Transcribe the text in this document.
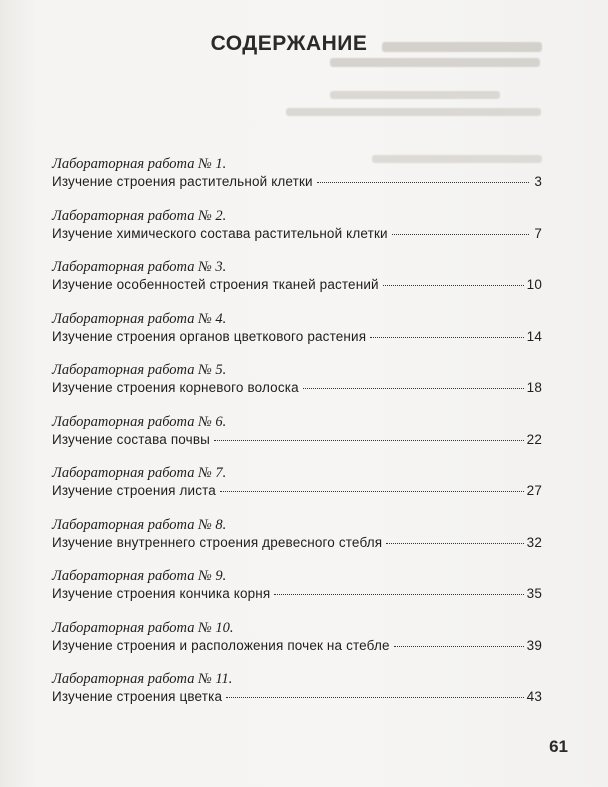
СОДЕРЖАНИЕ
Лабораторная работа № 1.
Изучение строения растительной клетки	3
Лабораторная работа № 2.
Изучение химического состава растительной клетки	7
Лабораторная работа № 3.
Изучение особенностей строения тканей растений	10
Лабораторная работа № 4.
Изучение строения органов цветкового растения	14
Лабораторная работа № 5.
Изучение строения корневого волоска	18
Лабораторная работа № 6.
Изучение состава почвы	22
Лабораторная работа № 7.
Изучение строения листа	27
Лабораторная работа № 8.
Изучение внутреннего строения древесного стебля	32
Лабораторная работа № 9.
Изучение строения кончика корня	35
Лабораторная работа № 10.
Изучение строения и расположения почек на стебле	39
Лабораторная работа № 11.
Изучение строения цветка	43
61
